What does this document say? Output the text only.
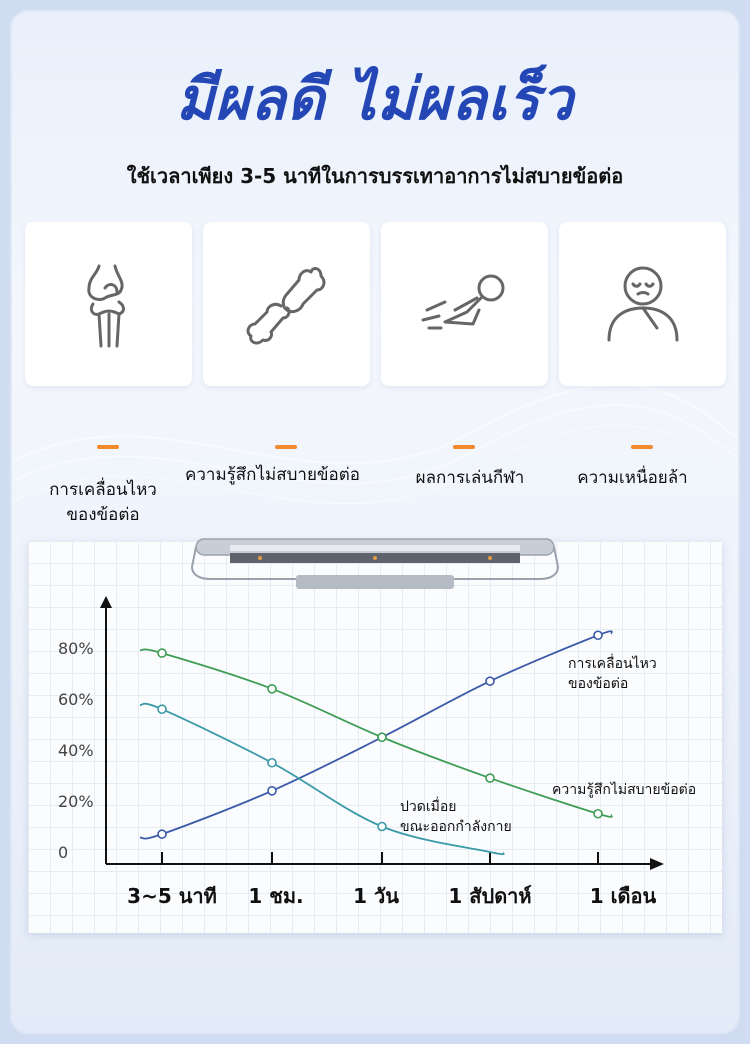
มีผลดี ไม่ผลเร็ว
ใช้เวลาเพียง 3-5 นาทีในการบรรเทาอาการไม่สบายข้อต่อ

การเคลื่อนไหว
ของข้อต่อ

ความรู้สึกไม่สบายข้อต่อ	ผลการเล่นกีฬา	ความเหนื่อยล้า
80%
60%
40%
20%
0
3~5 นาที 1 ชม. 1 วัน 1 สัปดาห์	1 เดือน
การเคลื่อนไหวของข้อต่อ
ความรู้สึกไม่สบายข้อต่อ
ปวดเมื่อยขณะออกกำลังกาย
